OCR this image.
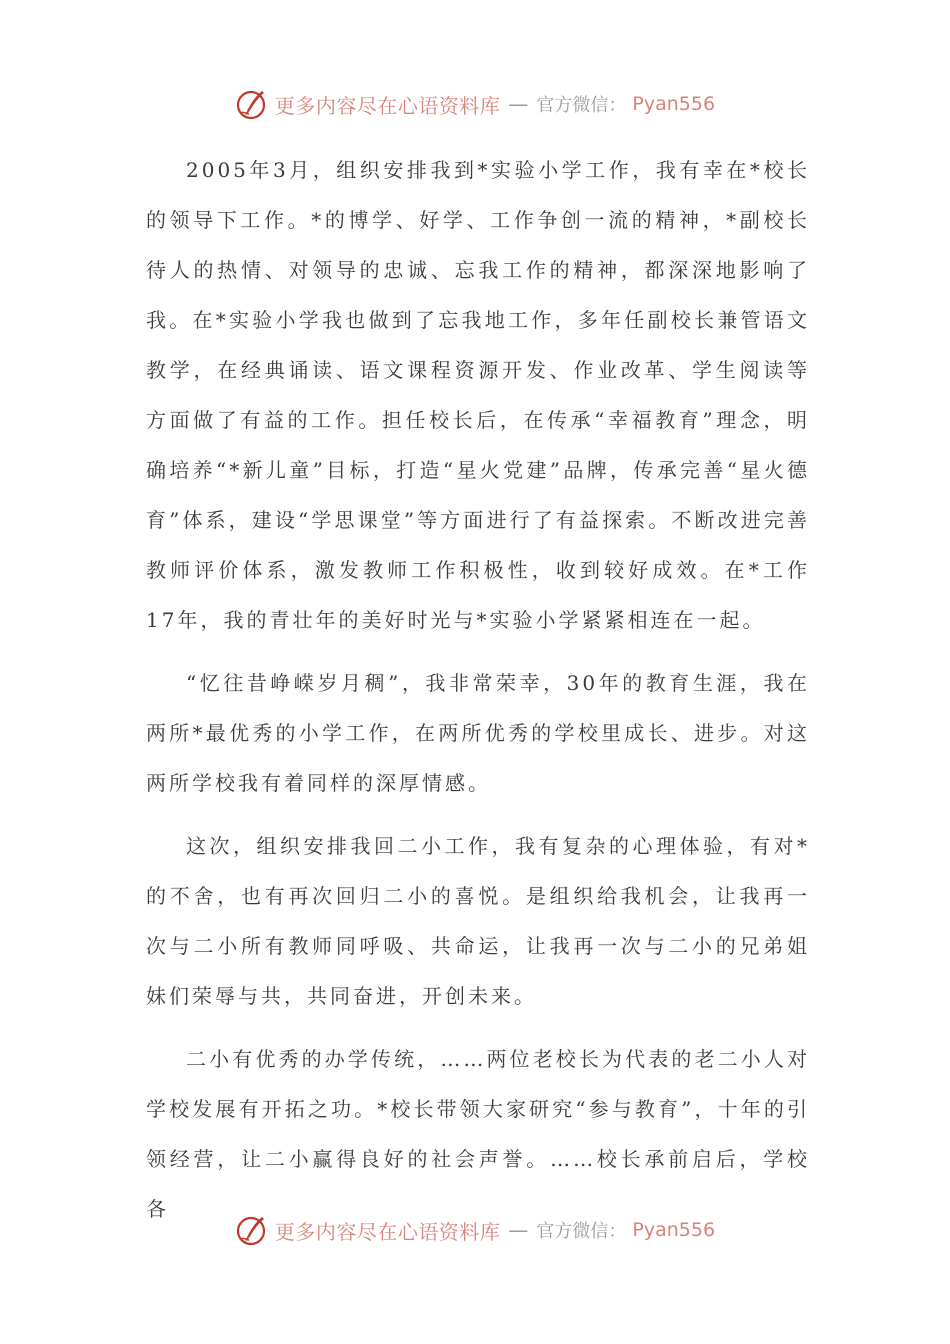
更多内容尽在心语资料库 — 官方微信： Pyan556

2005年3月，组织安排我到*实验小学工作，我有幸在*校长的领导下工作。*的博学、好学、工作争创一流的精神，*副校长待人的热情、对领导的忠诚、忘我工作的精神，都深深地影响了我。在*实验小学我也做到了忘我地工作，多年任副校长兼管语文教学，在经典诵读、语文课程资源开发、作业改革、学生阅读等方面做了有益的工作。担任校长后，在传承“幸福教育”理念，明确培养“*新儿童”目标，打造“星火党建”品牌，传承完善“星火德育”体系，建设“学思课堂”等方面进行了有益探索。不断改进完善教师评价体系，激发教师工作积极性，收到较好成效。在*工作17年，我的青壮年的美好时光与*实验小学紧紧相连在一起。

“忆往昔峥嵘岁月稠”，我非常荣幸，30年的教育生涯，我在两所*最优秀的小学工作，在两所优秀的学校里成长、进步。对这两所学校我有着同样的深厚情感。

这次，组织安排我回二小工作，我有复杂的心理体验，有对*的不舍，也有再次回归二小的喜悦。是组织给我机会，让我再一次与二小所有教师同呼吸、共命运，让我再一次与二小的兄弟姐妹们荣辱与共，共同奋进，开创未来。

二小有优秀的办学传统，……两位老校长为代表的老二小人对学校发展有开拓之功。*校长带领大家研究“参与教育”，十年的引领经营，让二小赢得良好的社会声誉。……校长承前启后，学校各

更多内容尽在心语资料库 — 官方微信： Pyan556
